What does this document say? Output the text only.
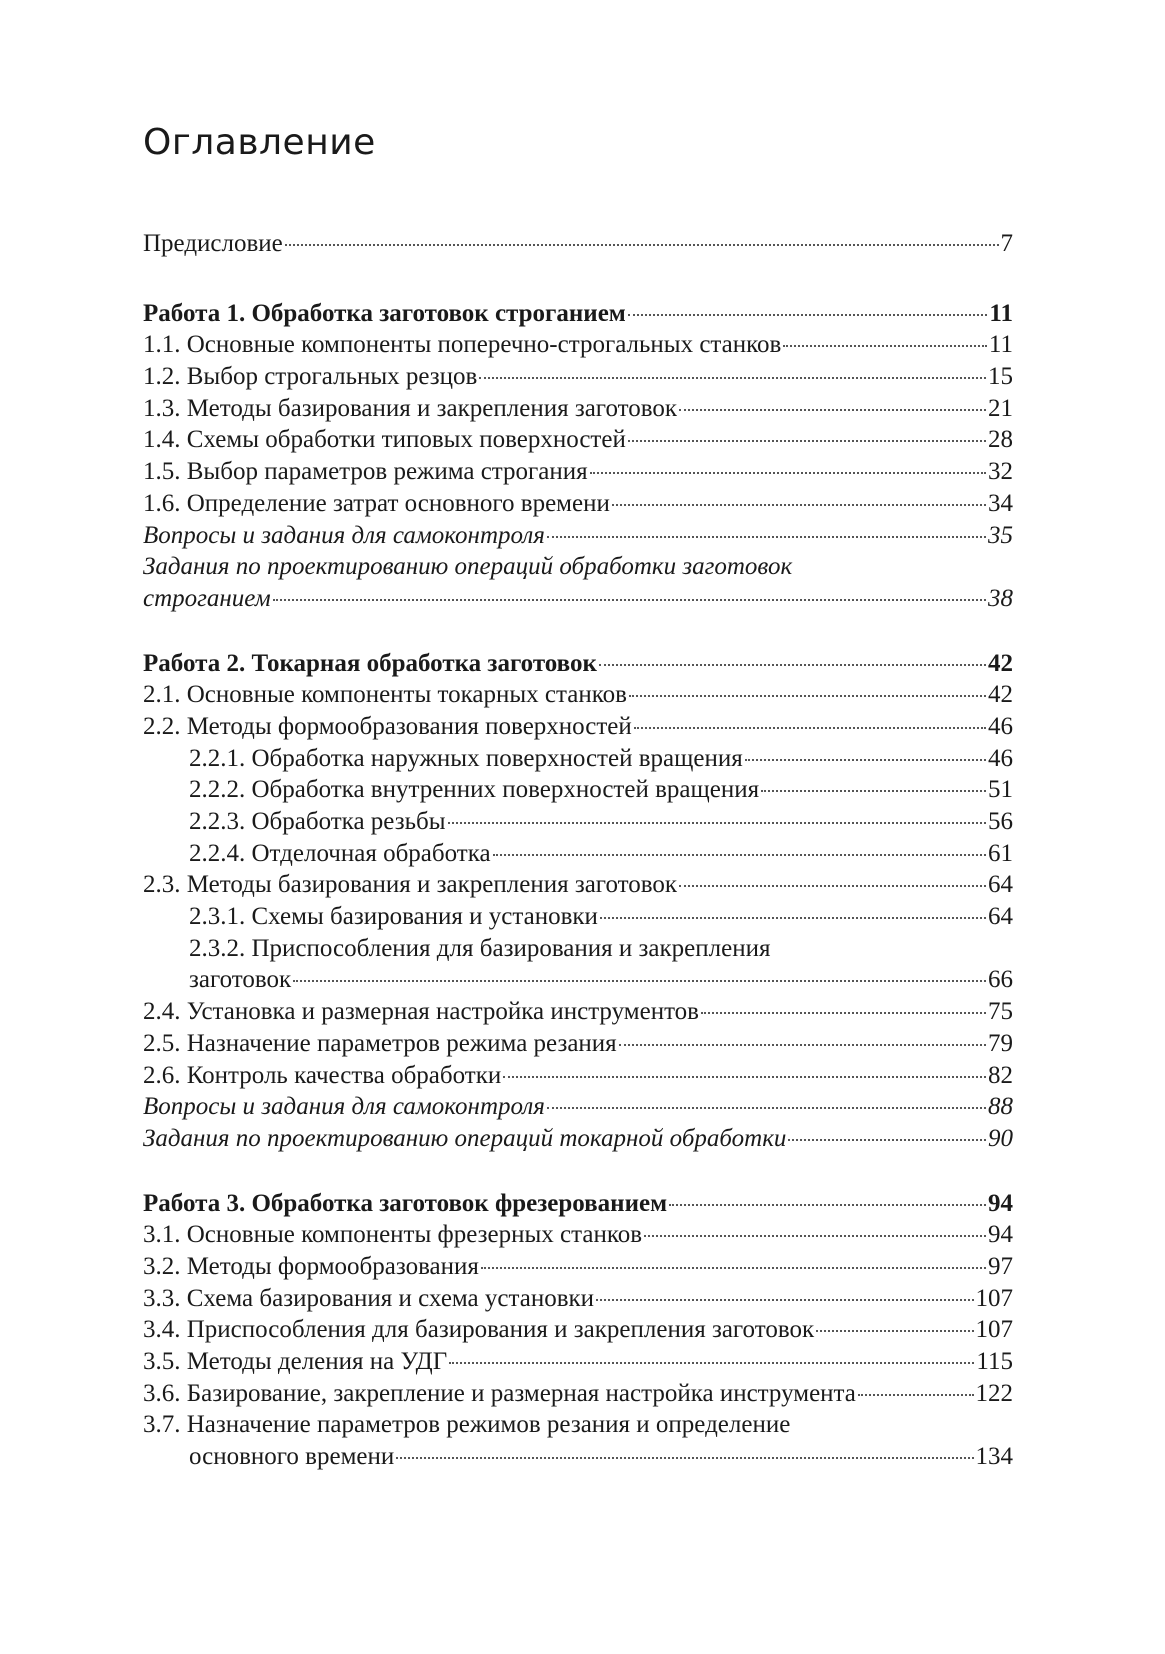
Оглавление
Предисловие	7
Работа 1. Обработка заготовок строганием	11
1.1. Основные компоненты поперечно-строгальных станков	11
1.2. Выбор строгальных резцов	15
1.3. Методы базирования и закрепления заготовок	21
1.4. Схемы обработки типовых поверхностей	28
1.5. Выбор параметров режима строгания	32
1.6. Определение затрат основного времени	34
Вопросы и задания для самоконтроля	35
Задания по проектированию операций обработки заготовок
строганием	38
Работа 2. Токарная обработка заготовок	42
2.1. Основные компоненты токарных станков	42
2.2. Методы формообразования поверхностей	46
2.2.1. Обработка наружных поверхностей вращения	46
2.2.2. Обработка внутренних поверхностей вращения	51
2.2.3. Обработка резьбы	56
2.2.4. Отделочная обработка	61
2.3. Методы базирования и закрепления заготовок	64
2.3.1. Схемы базирования и установки	64
2.3.2. Приспособления для базирования и закрепления
заготовок	66
2.4. Установка и размерная настройка инструментов	75
2.5. Назначение параметров режима резания	79
2.6. Контроль качества обработки	82
Вопросы и задания для самоконтроля	88
Задания по проектированию операций токарной обработки	90
Работа 3. Обработка заготовок фрезерованием	94
3.1. Основные компоненты фрезерных станков	94
3.2. Методы формообразования	97
3.3. Схема базирования и схема установки	107
3.4. Приспособления для базирования и закрепления заготовок	107
3.5. Методы деления на УДГ	115
3.6. Базирование, закрепление и размерная настройка инструмента	122
3.7. Назначение параметров режимов резания и определение
основного времени	134
